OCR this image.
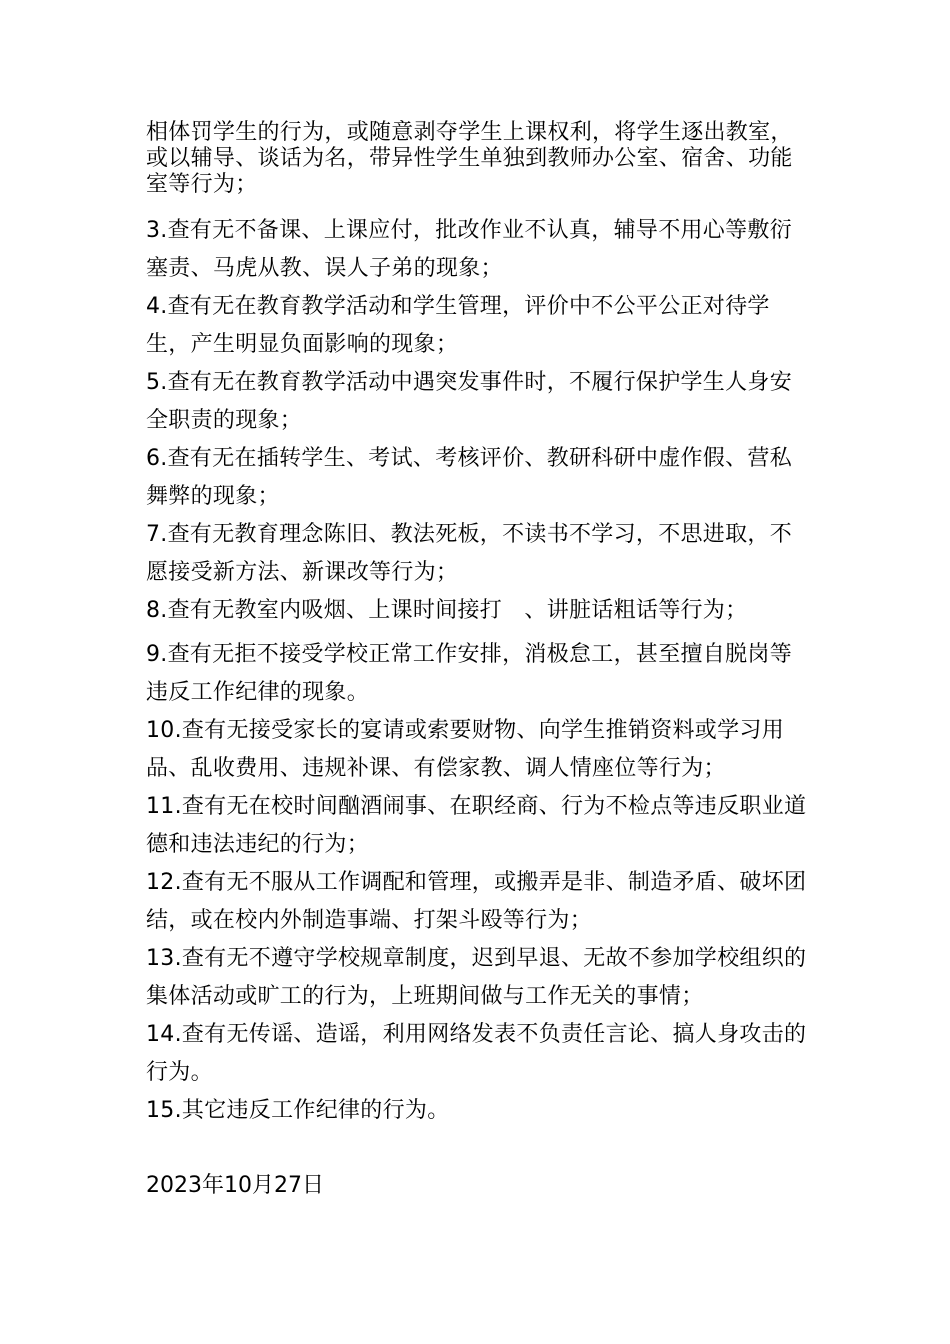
相体罚学生的行为，或随意剥夺学生上课权利，将学生逐出教室，或以辅导、谈话为名，带异性学生单独到教师办公室、宿舍、功能室等行为；

3.查有无不备课、上课应付，批改作业不认真，辅导不用心等敷衍塞责、马虎从教、误人子弟的现象；

4.查有无在教育教学活动和学生管理，评价中不公平公正对待学生，产生明显负面影响的现象；

5.查有无在教育教学活动中遇突发事件时，不履行保护学生人身安全职责的现象；

6.查有无在插转学生、考试、考核评价、教研科研中虚作假、营私舞弊的现象；

7.查有无教育理念陈旧、教法死板，不读书不学习，不思进取，不愿接受新方法、新课改等行为；

8.查有无教室内吸烟、上课时间接打　、讲脏话粗话等行为；

9.查有无拒不接受学校正常工作安排，消极怠工，甚至擅自脱岗等违反工作纪律的现象。

10.查有无接受家长的宴请或索要财物、向学生推销资料或学习用品、乱收费用、违规补课、有偿家教、调人情座位等行为；

11.查有无在校时间酗酒闹事、在职经商、行为不检点等违反职业道德和违法违纪的行为；

12.查有无不服从工作调配和管理，或搬弄是非、制造矛盾、破坏团结，或在校内外制造事端、打架斗殴等行为；

13.查有无不遵守学校规章制度，迟到早退、无故不参加学校组织的集体活动或旷工的行为，上班期间做与工作无关的事情；

14.查有无传谣、造谣，利用网络发表不负责任言论、搞人身攻击的行为。

15.其它违反工作纪律的行为。

2023年10月27日
